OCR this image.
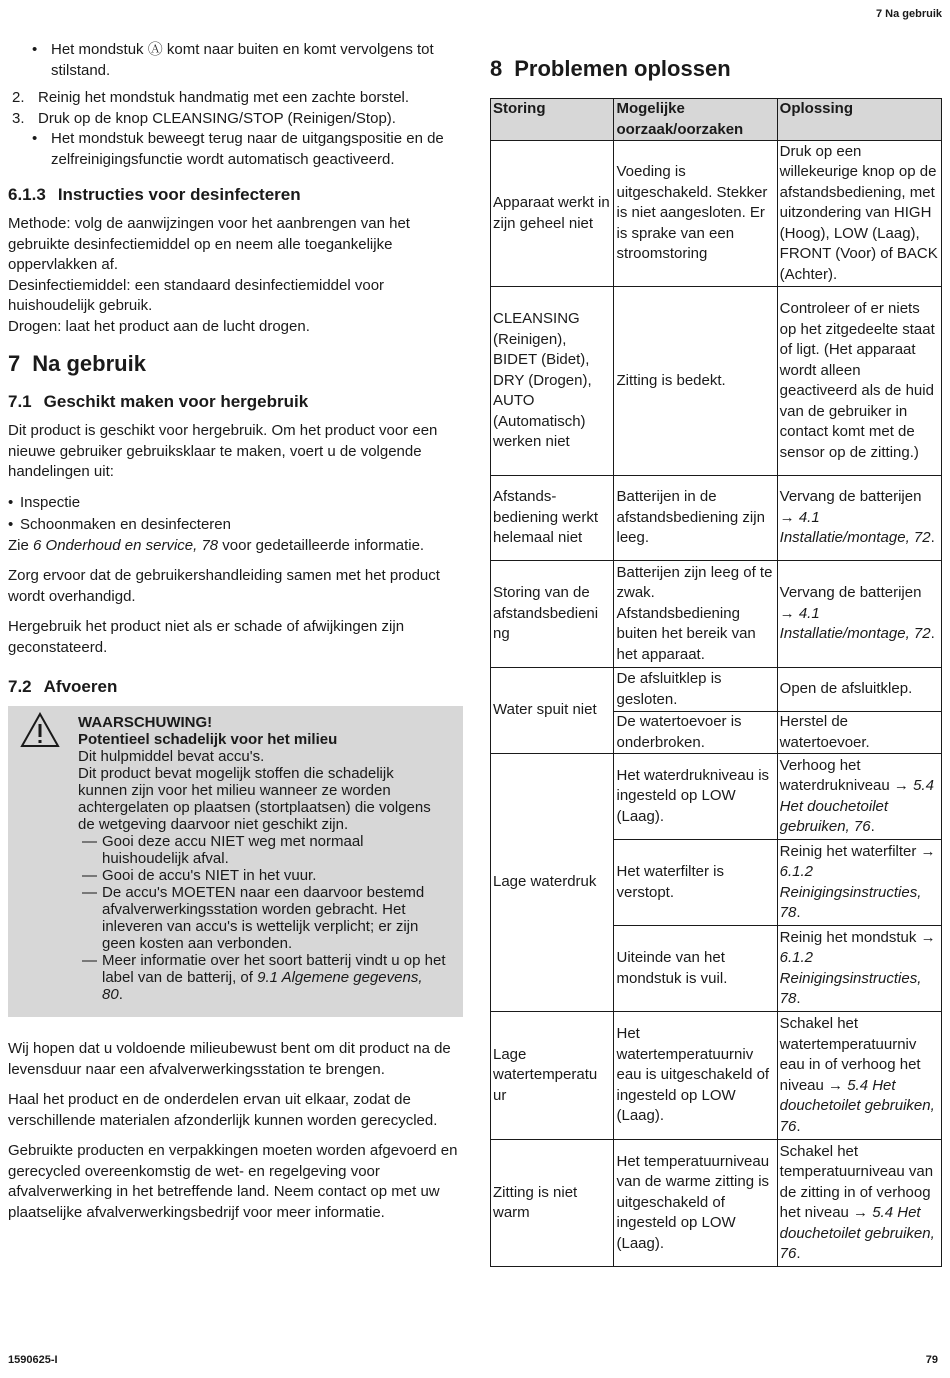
7 Na gebruik
• Het mondstuk Ⓐ komt naar buiten en komt vervolgens tot stilstand.
2. Reinig het mondstuk handmatig met een zachte borstel.
3. Druk op de knop CLEANSING/STOP (Reinigen/Stop).
• Het mondstuk beweegt terug naar de uitgangspositie en de zelfreinigingsfunctie wordt automatisch geactiveerd.
6.1.3 Instructies voor desinfecteren

Methode: volg de aanwijzingen voor het aanbrengen van het gebruikte desinfectiemiddel op en neem alle toegankelijke oppervlakken af.

Desinfectiemiddel: een standaard desinfectiemiddel voor huishoudelijk gebruik.

Drogen: laat het product aan de lucht drogen.

7 Na gebruik
7.1 Geschikt maken voor hergebruik

Dit product is geschikt voor hergebruik. Om het product voor een nieuwe gebruiker gebruiksklaar te maken, voert u de volgende handelingen uit:

• Inspectie
• Schoonmaken en desinfecteren

Zie 6 Onderhoud en service, 78 voor gedetailleerde informatie.

Zorg ervoor dat de gebruikershandleiding samen met het product wordt overhandigd.

Hergebruik het product niet als er schade of afwijkingen zijn geconstateerd.

7.2 Afvoeren
WAARSCHUWING!
Potentieel schadelijk voor het milieu
Dit hulpmiddel bevat accu's.
Dit product bevat mogelijk stoffen die schadelijk kunnen zijn voor het milieu wanneer ze worden achtergelaten op plaatsen (stortplaatsen) die volgens de wetgeving daarvoor niet geschikt zijn.
— Gooi deze accu NIET weg met normaal huishoudelijk afval.
— Gooi de accu's NIET in het vuur.
— De accu's MOETEN naar een daarvoor bestemd afvalverwerkingsstation worden gebracht. Het inleveren van accu's is wettelijk verplicht; er zijn geen kosten aan verbonden.
— Meer informatie over het soort batterij vindt u op het label van de batterij, of 9.1 Algemene gegevens, 80.

Wij hopen dat u voldoende milieubewust bent om dit product na de levensduur naar een afvalverwerkingsstation te brengen.

Haal het product en de onderdelen ervan uit elkaar, zodat de verschillende materialen afzonderlijk kunnen worden gerecycled.

Gebruikte producten en verpakkingen moeten worden afgevoerd en gerecycled overeenkomstig de wet- en regelgeving voor afvalverwerking in het betreffende land. Neem contact op met uw plaatselijke afvalverwerkingsbedrijf voor meer informatie.

8 Problemen oplossen
Storing	Mogelijke oorzaak/oorzaken	Oplossing
Apparaat werkt in zijn geheel niet	Voeding is uitgeschakeld. Stekker is niet aangesloten. Er is sprake van een stroomstoring	Druk op een willekeurige knop op de afstandsbediening, met uitzondering van HIGH (Hoog), LOW (Laag), FRONT (Voor) of BACK (Achter).
CLEANSING (Reinigen), BIDET (Bidet), DRY (Drogen), AUTO (Automatisch) werken niet	Zitting is bedekt.	Controleer of er niets op het zitgedeelte staat of ligt. (Het apparaat wordt alleen geactiveerd als de huid van de gebruiker in contact komt met de sensor op de zitting.)
Afstands-bediening werkt helemaal niet	Batterijen in de afstandsbediening zijn leeg.	Vervang de batterijen → 4.1 Installatie/montage, 72.
Storing van de afstandsbedieni ng	Batterijen zijn leeg of te zwak. Afstandsbediening buiten het bereik van het apparaat.	Vervang de batterijen → 4.1 Installatie/montage, 72.
Water spuit niet	De afsluitklep is gesloten.	Open de afsluitklep.
	De watertoevoer is onderbroken.	Herstel de watertoevoer.
Lage waterdruk	Het waterdrukniveau is ingesteld op LOW (Laag).	Verhoog het waterdrukniveau → 5.4 Het douchetoilet gebruiken, 76.
	Het waterfilter is verstopt.	Reinig het waterfilter → 6.1.2 Reinigingsinstructies, 78.
	Uiteinde van het mondstuk is vuil.	Reinig het mondstuk → 6.1.2 Reinigingsinstructies, 78.
Lage watertemperatu ur	Het watertemperatuurniv eau is uitgeschakeld of ingesteld op LOW (Laag).	Schakel het watertemperatuurniv eau in of verhoog het niveau → 5.4 Het douchetoilet gebruiken, 76.
Zitting is niet warm	Het temperatuurniveau van de warme zitting is uitgeschakeld of ingesteld op LOW (Laag).	Schakel het temperatuurniveau van de zitting in of verhoog het niveau → 5.4 Het douchetoilet gebruiken, 76.
1590625-I	79
